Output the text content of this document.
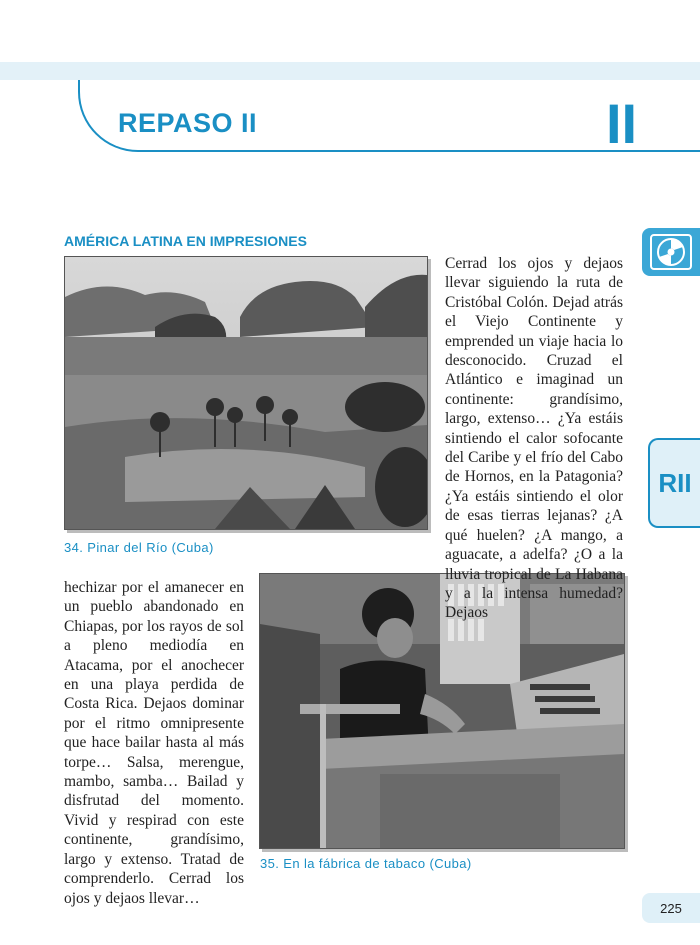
REPASO II	II
AMÉRICA LATINA EN IMPRESIONES
RII
34. Pinar del Río (Cuba)
35. En la fábrica de tabaco (Cuba)
Cerrad los ojos y dejaos llevar siguiendo la ruta de Cristóbal Colón. Dejad atrás el Viejo Continente y emprended un viaje hacia lo desconocido. Cruzad el Atlántico e imaginad un continente: grandísimo, largo, extenso… ¿Ya estáis sintiendo el calor sofocante del Caribe y el frío del Cabo de Hornos, en la Patagonia? ¿Ya estáis sintiendo el olor de esas tierras lejanas? ¿A qué huelen? ¿A mango, a aguacate, a adelfa? ¿O a la lluvia tropical de La Habana y a la intensa humedad? Dejaos
hechizar por el amanecer en un pueblo abandonado en Chiapas, por los rayos de sol a pleno mediodía en Atacama, por el anochecer en una playa perdida de Costa Rica. Dejaos dominar por el ritmo omnipresente que hace bailar hasta al más torpe… Salsa, merengue, mambo, samba… Bailad y disfrutad del momento. Vivid y respirad con este continente, grandísimo, largo y extenso. Tratad de comprenderlo. Cerrad los ojos y dejaos llevar…
225
